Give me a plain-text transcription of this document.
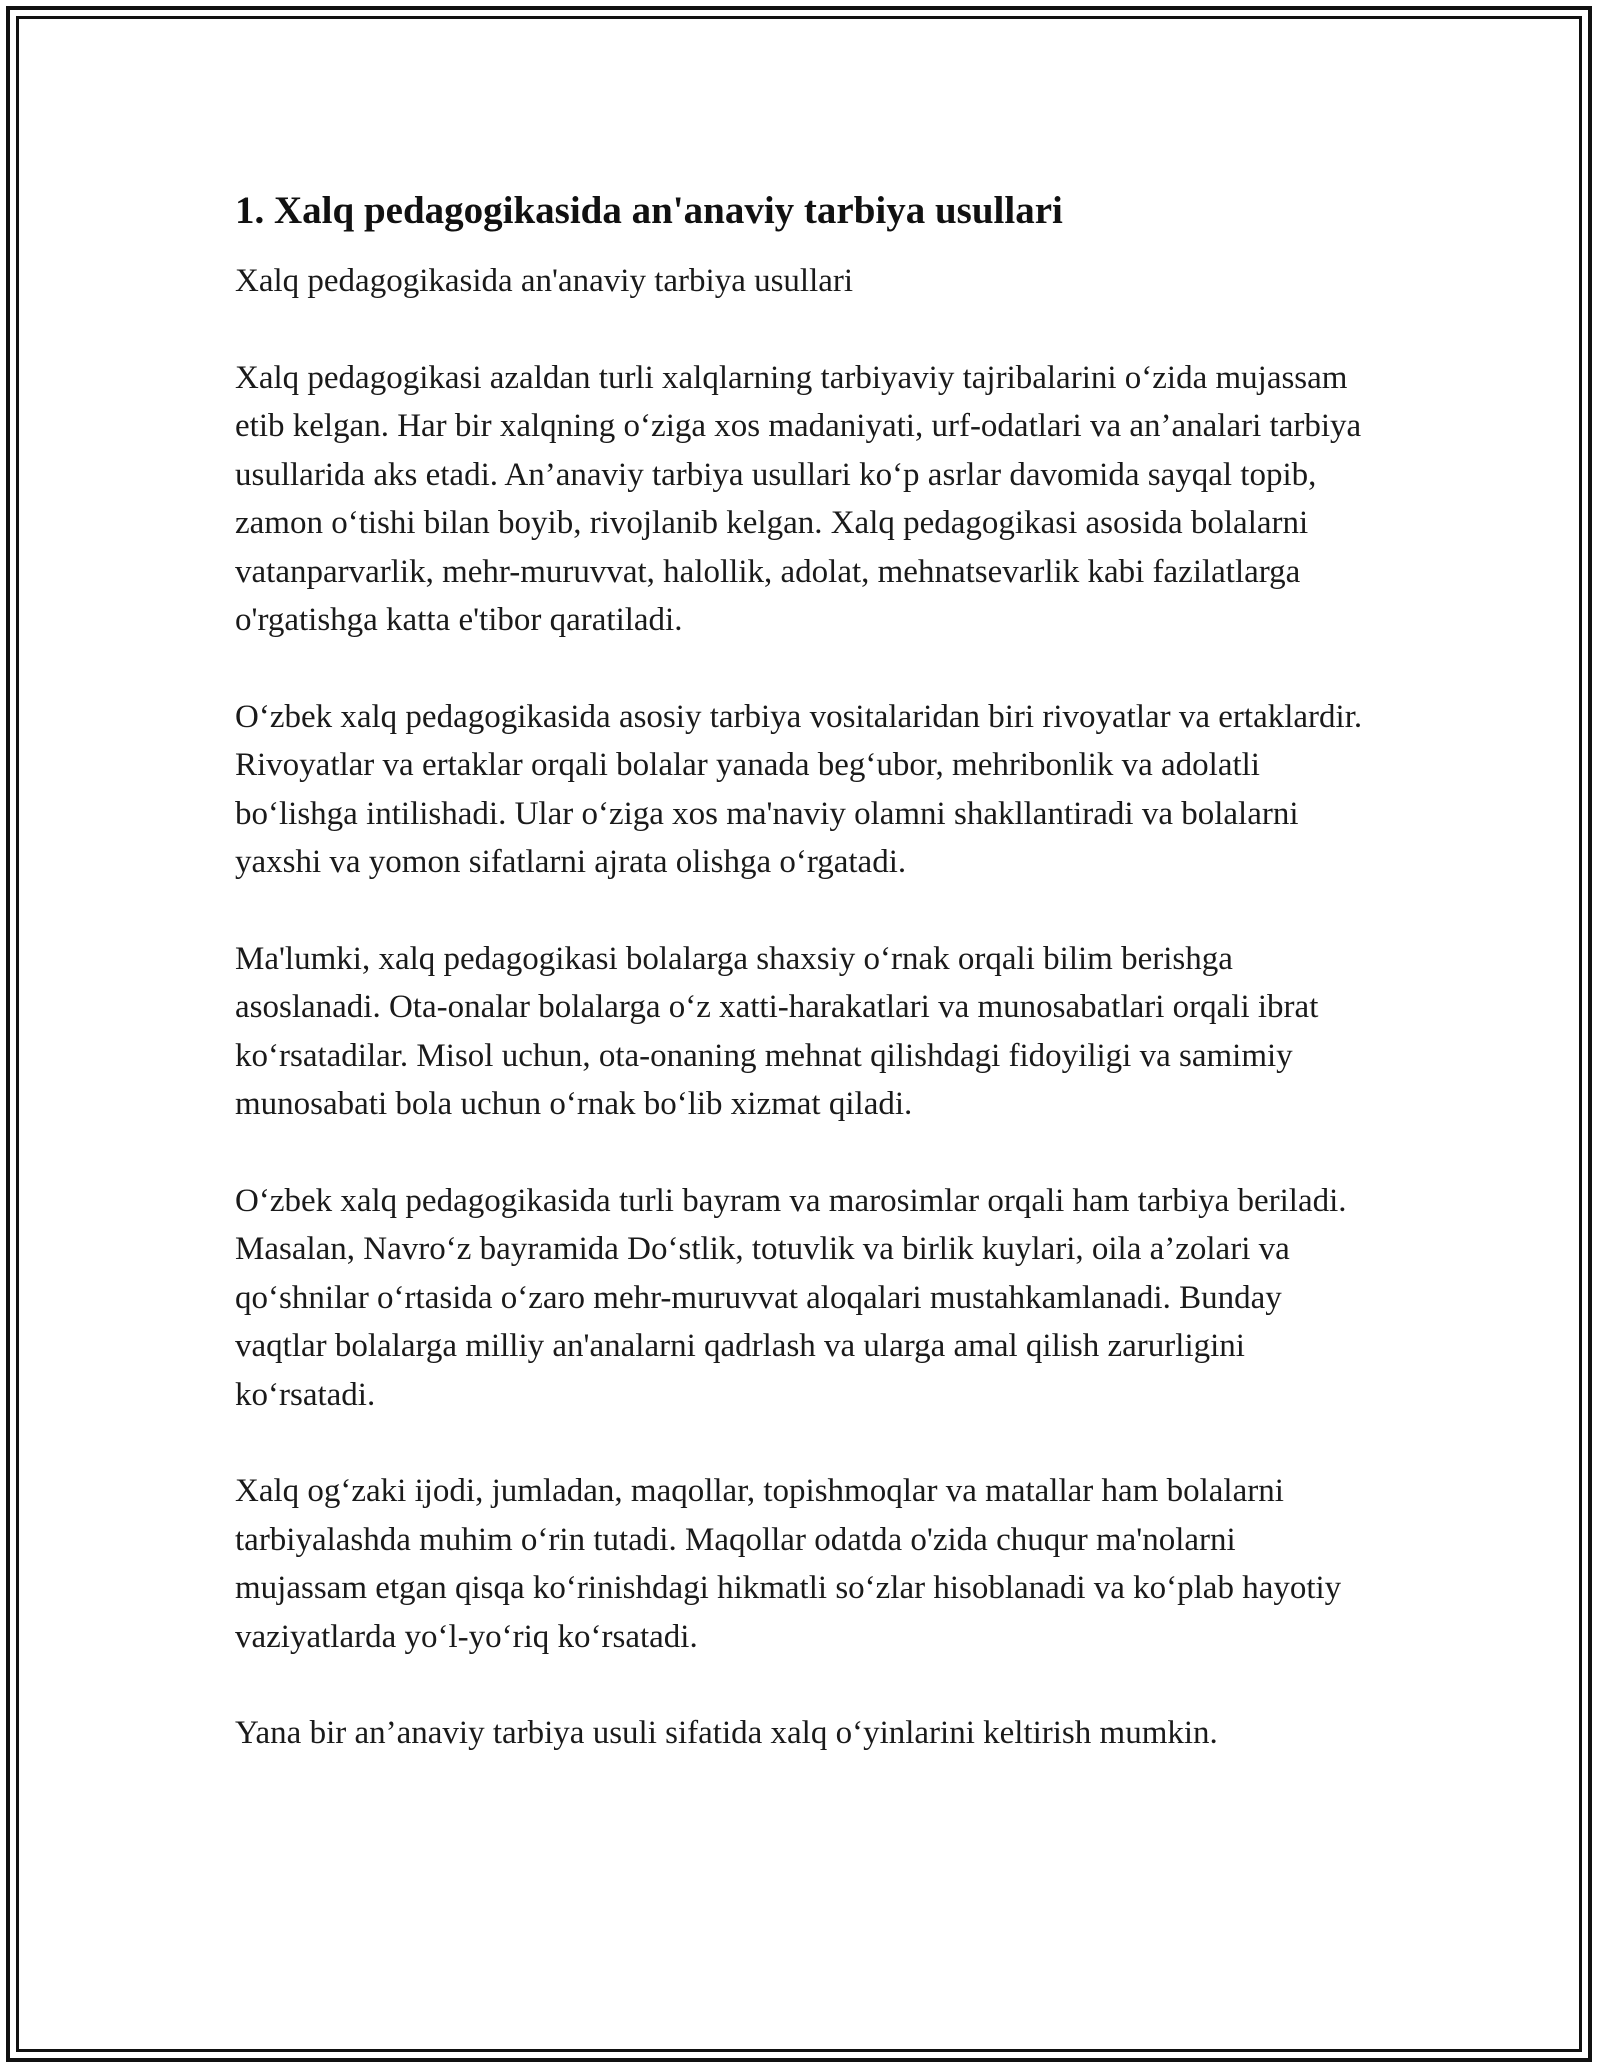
1. Xalq pedagogikasida an'anaviy tarbiya usullari

Xalq pedagogikasida an'anaviy tarbiya usullari

Xalq pedagogikasi azaldan turli xalqlarning tarbiyaviy tajribalarini o‘zida mujassam etib kelgan. Har bir xalqning o‘ziga xos madaniyati, urf-odatlari va an’analari tarbiya usullarida aks etadi. An’anaviy tarbiya usullari ko‘p asrlar davomida sayqal topib, zamon o‘tishi bilan boyib, rivojlanib kelgan. Xalq pedagogikasi asosida bolalarni vatanparvarlik, mehr-muruvvat, halollik, adolat, mehnatsevarlik kabi fazilatlarga o'rgatishga katta e'tibor qaratiladi.

O‘zbek xalq pedagogikasida asosiy tarbiya vositalaridan biri rivoyatlar va ertaklardir. Rivoyatlar va ertaklar orqali bolalar yanada beg‘ubor, mehribonlik va adolatli bo‘lishga intilishadi. Ular o‘ziga xos ma'naviy olamni shakllantiradi va bolalarni yaxshi va yomon sifatlarni ajrata olishga o‘rgatadi.

Ma'lumki, xalq pedagogikasi bolalarga shaxsiy o‘rnak orqali bilim berishga asoslanadi. Ota-onalar bolalarga o‘z xatti-harakatlari va munosabatlari orqali ibrat ko‘rsatadilar. Misol uchun, ota-onaning mehnat qilishdagi fidoyiligi va samimiy munosabati bola uchun o‘rnak bo‘lib xizmat qiladi.

O‘zbek xalq pedagogikasida turli bayram va marosimlar orqali ham tarbiya beriladi. Masalan, Navro‘z bayramida Do‘stlik, totuvlik va birlik kuylari, oila a’zolari va qo‘shnilar o‘rtasida o‘zaro mehr-muruvvat aloqalari mustahkamlanadi. Bunday vaqtlar bolalarga milliy an'analarni qadrlash va ularga amal qilish zarurligini ko‘rsatadi.

Xalq og‘zaki ijodi, jumladan, maqollar, topishmoqlar va matallar ham bolalarni tarbiyalashda muhim o‘rin tutadi. Maqollar odatda o'zida chuqur ma'nolarni mujassam etgan qisqa ko‘rinishdagi hikmatli so‘zlar hisoblanadi va ko‘plab hayotiy vaziyatlarda yo‘l-yo‘riq ko‘rsatadi.

Yana bir an’anaviy tarbiya usuli sifatida xalq o‘yinlarini keltirish mumkin.
